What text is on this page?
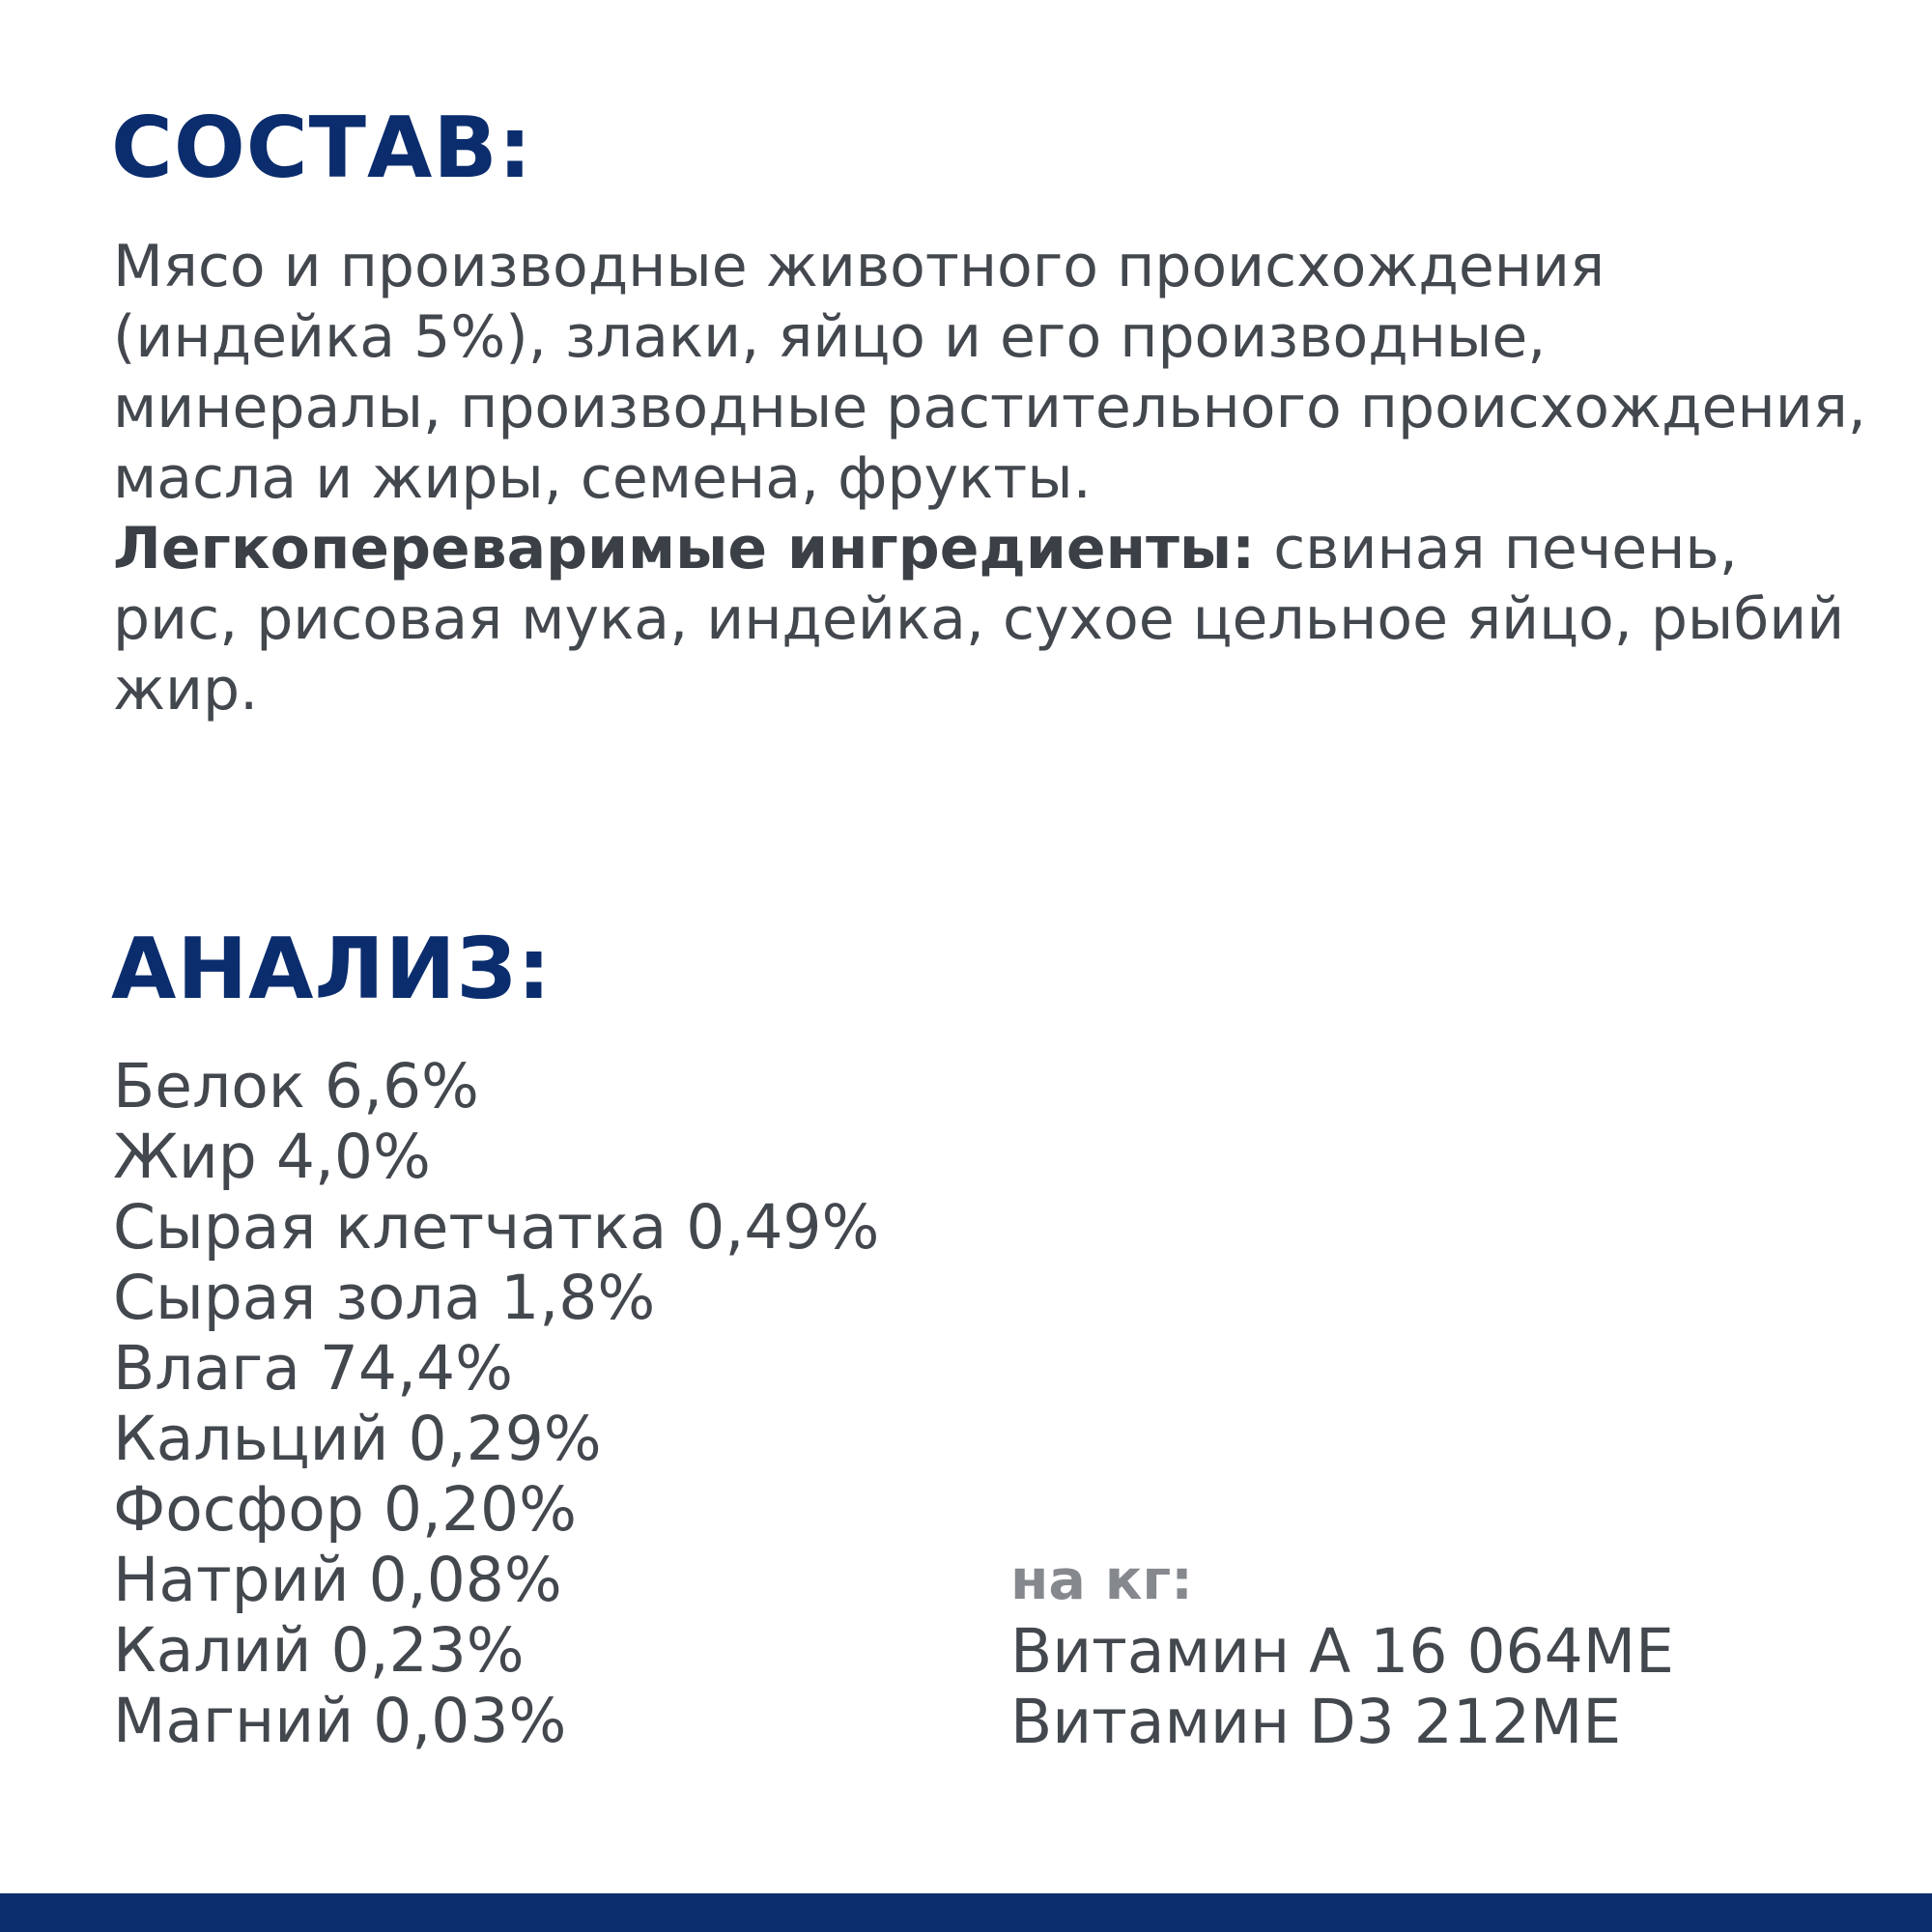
СОСТАВ:

Мясо и производные животного происхождения (индейка 5%), злаки, яйцо и его производные, минералы, производные растительного происхождения, масла и жиры, семена, фрукты.
Легкопереваримые ингредиенты: свиная печень, рис, рисовая мука, индейка, сухое цельное яйцо, рыбий жир.

АНАЛИЗ:
Белок 6,6%
Жир 4,0%
Сырая клетчатка 0,49%
Сырая зола 1,8%
Влага 74,4%
Кальций 0,29%
Фосфор 0,20%
Натрий 0,08%
Калий 0,23%
Магний 0,03%
на кг:
Витамин А 16 064МЕ
Витамин D3 212МЕ
